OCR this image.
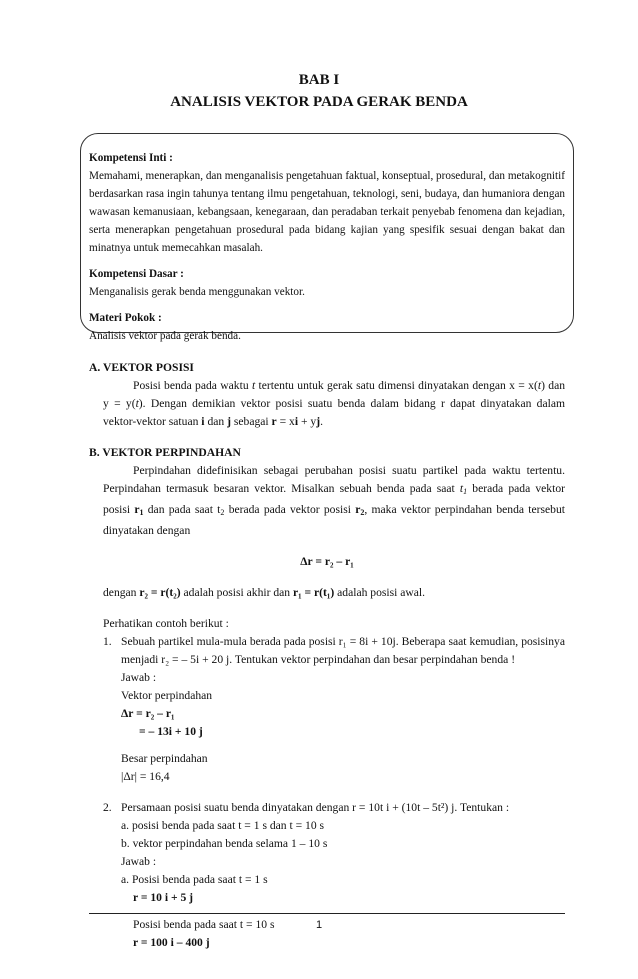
BAB I
ANALISIS VEKTOR PADA GERAK BENDA
Kompetensi Inti :
Memahami, menerapkan, dan menganalisis pengetahuan faktual, konseptual, prosedural, dan metakognitif berdasarkan rasa ingin tahunya tentang ilmu pengetahuan, teknologi, seni, budaya, dan humaniora dengan wawasan kemanusiaan, kebangsaan, kenegaraan, dan peradaban terkait penyebab fenomena dan kejadian, serta menerapkan pengetahuan prosedural pada bidang kajian yang spesifik sesuai dengan bakat dan minatnya untuk memecahkan masalah.
Kompetensi Dasar :
Menganalisis gerak benda menggunakan vektor.
Materi Pokok :
Analisis vektor pada gerak benda.
A. VEKTOR POSISI
Posisi benda pada waktu t tertentu untuk gerak satu dimensi dinyatakan dengan x = x(t) dan y = y(t). Dengan demikian vektor posisi suatu benda dalam bidang r dapat dinyatakan dalam vektor-vektor satuan i dan j sebagai r = xi + yj.
B. VEKTOR PERPINDAHAN
Perpindahan didefinisikan sebagai perubahan posisi suatu partikel pada waktu tertentu. Perpindahan termasuk besaran vektor. Misalkan sebuah benda pada saat t1 berada pada vektor posisi r1 dan pada saat t2 berada pada vektor posisi r2, maka vektor perpindahan benda tersebut dinyatakan dengan
Δr = r₂ – r₁
dengan r₂ = r(t₂) adalah posisi akhir dan r₁ = r(t₁) adalah posisi awal.
Perhatikan contoh berikut :
1. Sebuah partikel mula-mula berada pada posisi r₁ = 8i + 10j. Beberapa saat kemudian, posisinya menjadi r₂ = – 5i + 20 j. Tentukan vektor perpindahan dan besar perpindahan benda !
Jawab :
Vektor perpindahan
Δr = r₂ – r₁
= – 13i + 10 j
Besar perpindahan
|Δr| = 16,4
2. Persamaan posisi suatu benda dinyatakan dengan r = 10t i + (10t – 5t²) j. Tentukan :
a. posisi benda pada saat t = 1 s dan t = 10 s
b. vektor perpindahan benda selama 1 – 10 s
Jawab :
a. Posisi benda pada saat t = 1 s
r = 10 i + 5 j
Posisi benda pada saat t = 10 s
r = 100 i – 400 j
1
